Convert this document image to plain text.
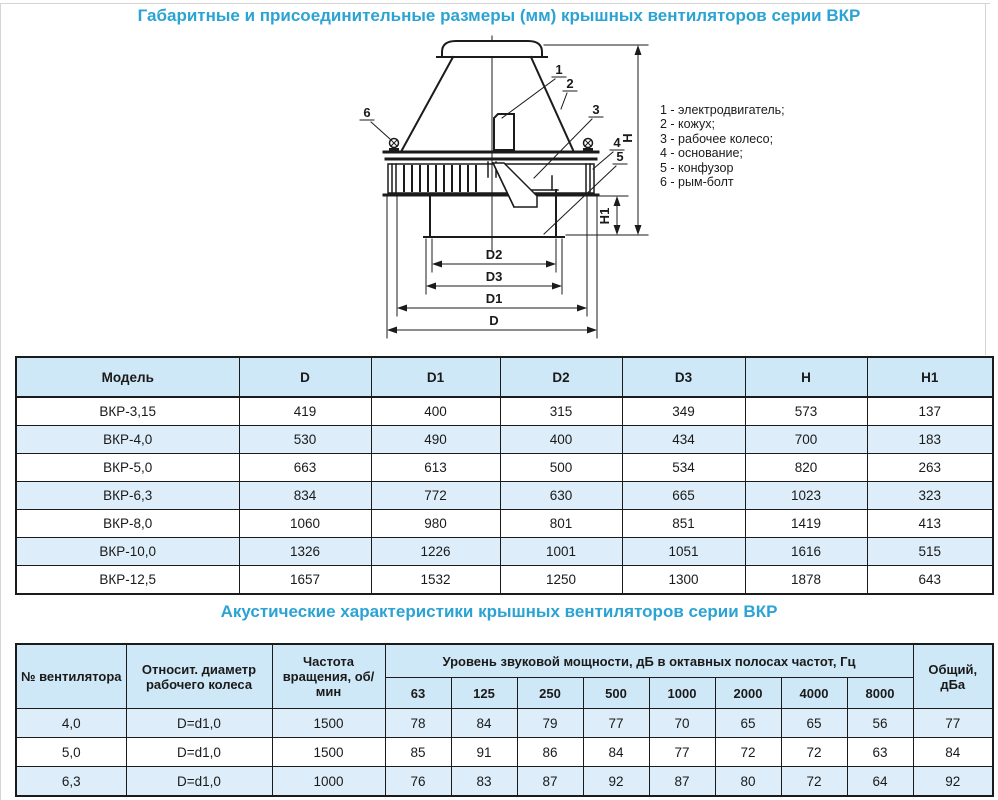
Габаритные и присоединительные размеры (мм) крышных вентиляторов серии ВКР
H
H1
D2
D3
D1
D
1
2
3
4
5
6	1 - электродвигатель;
2 - кожух;
3 - рабочее колесо;
4 - основание;
5 - конфузор
6 - рым-болт
Модель	D	D1	D2	D3	H	H1
ВКР-3,15	419	400	315	349	573	137
ВКР-4,0	530	490	400	434	700	183
ВКР-5,0	663	613	500	534	820	263
ВКР-6,3	834	772	630	665	1023	323
ВКР-8,0	1060	980	801	851	1419	413
ВКР-10,0	1326	1226	1001	1051	1616	515
ВКР-12,5	1657	1532	1250	1300	1878	643
Акустические характеристики крышных вентиляторов серии ВКР
№ вентилятора	Относит. диаметр рабочего колеса	Частота вращения, об/мин	Уровень звуковой мощности, дБ в октавных полосах частот, Гц								Общий, дБа
			63	125	250	500	1000	2000	4000	8000	
4,0	D=d1,0	1500	78	84	79	77	70	65	65	56	77
5,0	D=d1,0	1500	85	91	86	84	77	72	72	63	84
6,3	D=d1,0	1000	76	83	87	92	87	80	72	64	92
